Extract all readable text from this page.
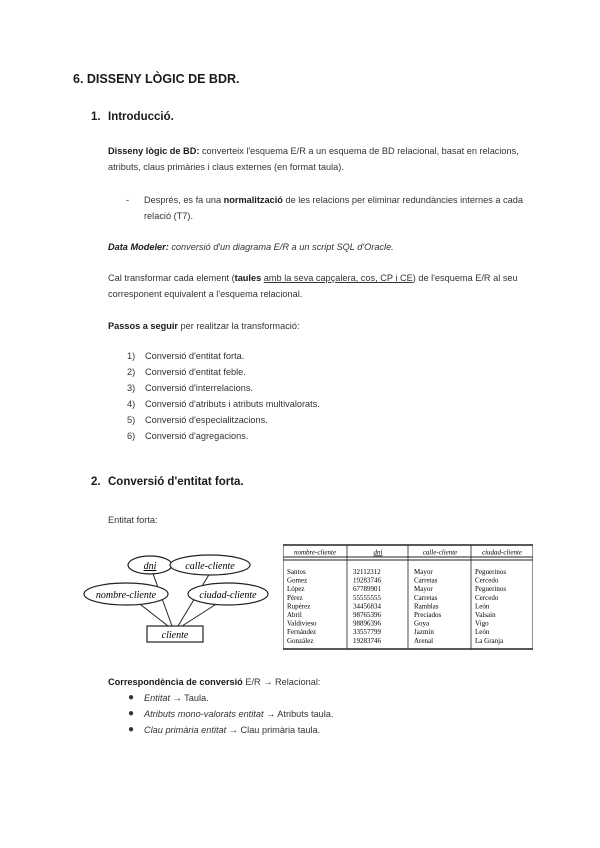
6. DISSENY LÒGIC DE BDR.
1. Introducció.

Disseny lògic de BD: converteix l'esquema E/R a un esquema de BD relacional, basat en relacions, atributs, claus primàries i claus externes (en format taula).

- Després, es fa una normalització de les relacions per eliminar redundàncies internes a cada relació (T7).

Data Modeler: conversió d'un diagrama E/R a un script SQL d'Oracle.

Cal transformar cada element (taules amb la seva capçalera, cos, CP i CE) de l'esquema E/R al seu corresponent equivalent a l'esquema relacional.

Passos a seguir per realitzar la transformació:

1) Conversió d'entitat forta.
2) Conversió d'entitat feble.
3) Conversió d'interrelacions.
4) Conversió d'atributs i atributs multivalorats.
5) Conversió d'especialitzacions.
6) Conversió d'agregacions.
2. Conversió d'entitat forta.

Entitat forta:

dni	calle-cliente
nombre-cliente	ciudad-cliente
cliente
nombre-cliente	dni	calle-cliente	ciudad-cliente
Santos	32112312	Mayor	Peguerinos
Gomez	19283746	Carretas	Cercedo
López	67789901	Mayor	Peguerinos
Pérez	55555555	Carretas	Cercedo
Rupérez	34456834	Ramblas	León
Abril	98765396	Preciados	Valsaín
Valdivieso	98896396	Goya	Vigo
Fernández	33557799	Jazmín	León
González	19283746	Arenal	La Granja

Correspondència de conversió E/R → Relacional:

● Entitat → Taula.
● Atributs mono-valorats entitat → Atributs taula.
● Clau primària entitat → Clau primària taula.
